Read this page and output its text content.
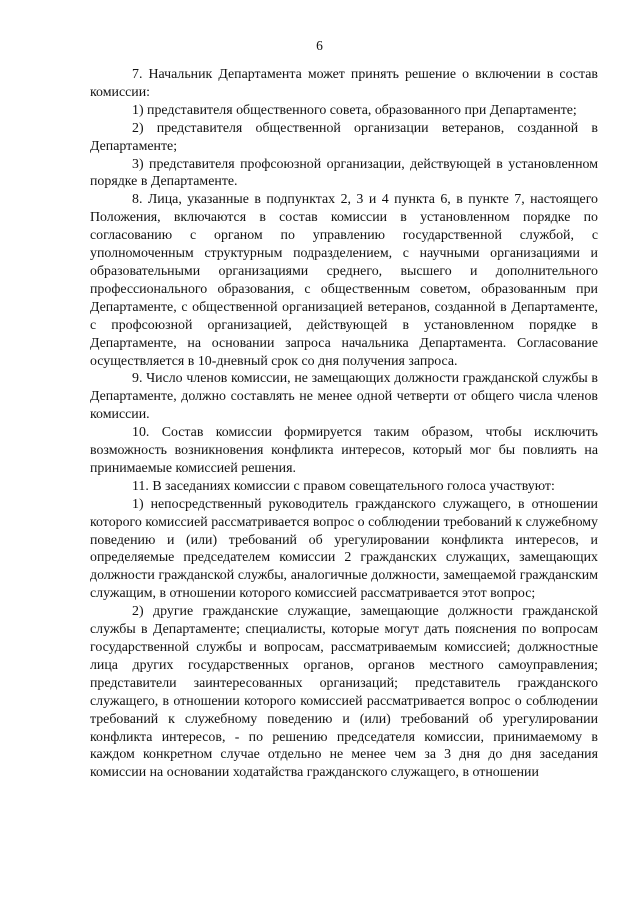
6

7. Начальник Департамента может принять решение о включении в состав комиссии:

1) представителя общественного совета, образованного при Департаменте;

2) представителя общественной организации ветеранов, созданной в Департаменте;

3) представителя профсоюзной организации, действующей в установленном порядке в Департаменте.

8. Лица, указанные в подпунктах 2, 3 и 4 пункта 6, в пункте 7, настоящего Положения, включаются в состав комиссии в установленном порядке по согласованию с органом по управлению государственной службой, с уполномоченным структурным подразделением, с научными организациями и образовательными организациями среднего, высшего и дополнительного профессионального образования, с общественным советом, образованным при Департаменте, с общественной организацией ветеранов, созданной в Департаменте, с профсоюзной организацией, действующей в установленном порядке в Департаменте, на основании запроса начальника Департамента. Согласование осуществляется в 10-дневный срок со дня получения запроса.

9. Число членов комиссии, не замещающих должности гражданской службы в Департаменте, должно составлять не менее одной четверти от общего числа членов комиссии.

10. Состав комиссии формируется таким образом, чтобы исключить возможность возникновения конфликта интересов, который мог бы повлиять на принимаемые комиссией решения.

11. В заседаниях комиссии с правом совещательного голоса участвуют:

1) непосредственный руководитель гражданского служащего, в отношении которого комиссией рассматривается вопрос о соблюдении требований к служебному поведению и (или) требований об урегулировании конфликта интересов, и определяемые председателем комиссии 2 гражданских служащих, замещающих должности гражданской службы, аналогичные должности, замещаемой гражданским служащим, в отношении которого комиссией рассматривается этот вопрос;

2) другие гражданские служащие, замещающие должности гражданской службы в Департаменте; специалисты, которые могут дать пояснения по вопросам государственной службы и вопросам, рассматриваемым комиссией; должностные лица других государственных органов, органов местного самоуправления; представители заинтересованных организаций; представитель гражданского служащего, в отношении которого комиссией рассматривается вопрос о соблюдении требований к служебному поведению и (или) требований об урегулировании конфликта интересов, - по решению председателя комиссии, принимаемому в каждом конкретном случае отдельно не менее чем за 3 дня до дня заседания комиссии на основании ходатайства гражданского служащего, в отношении
